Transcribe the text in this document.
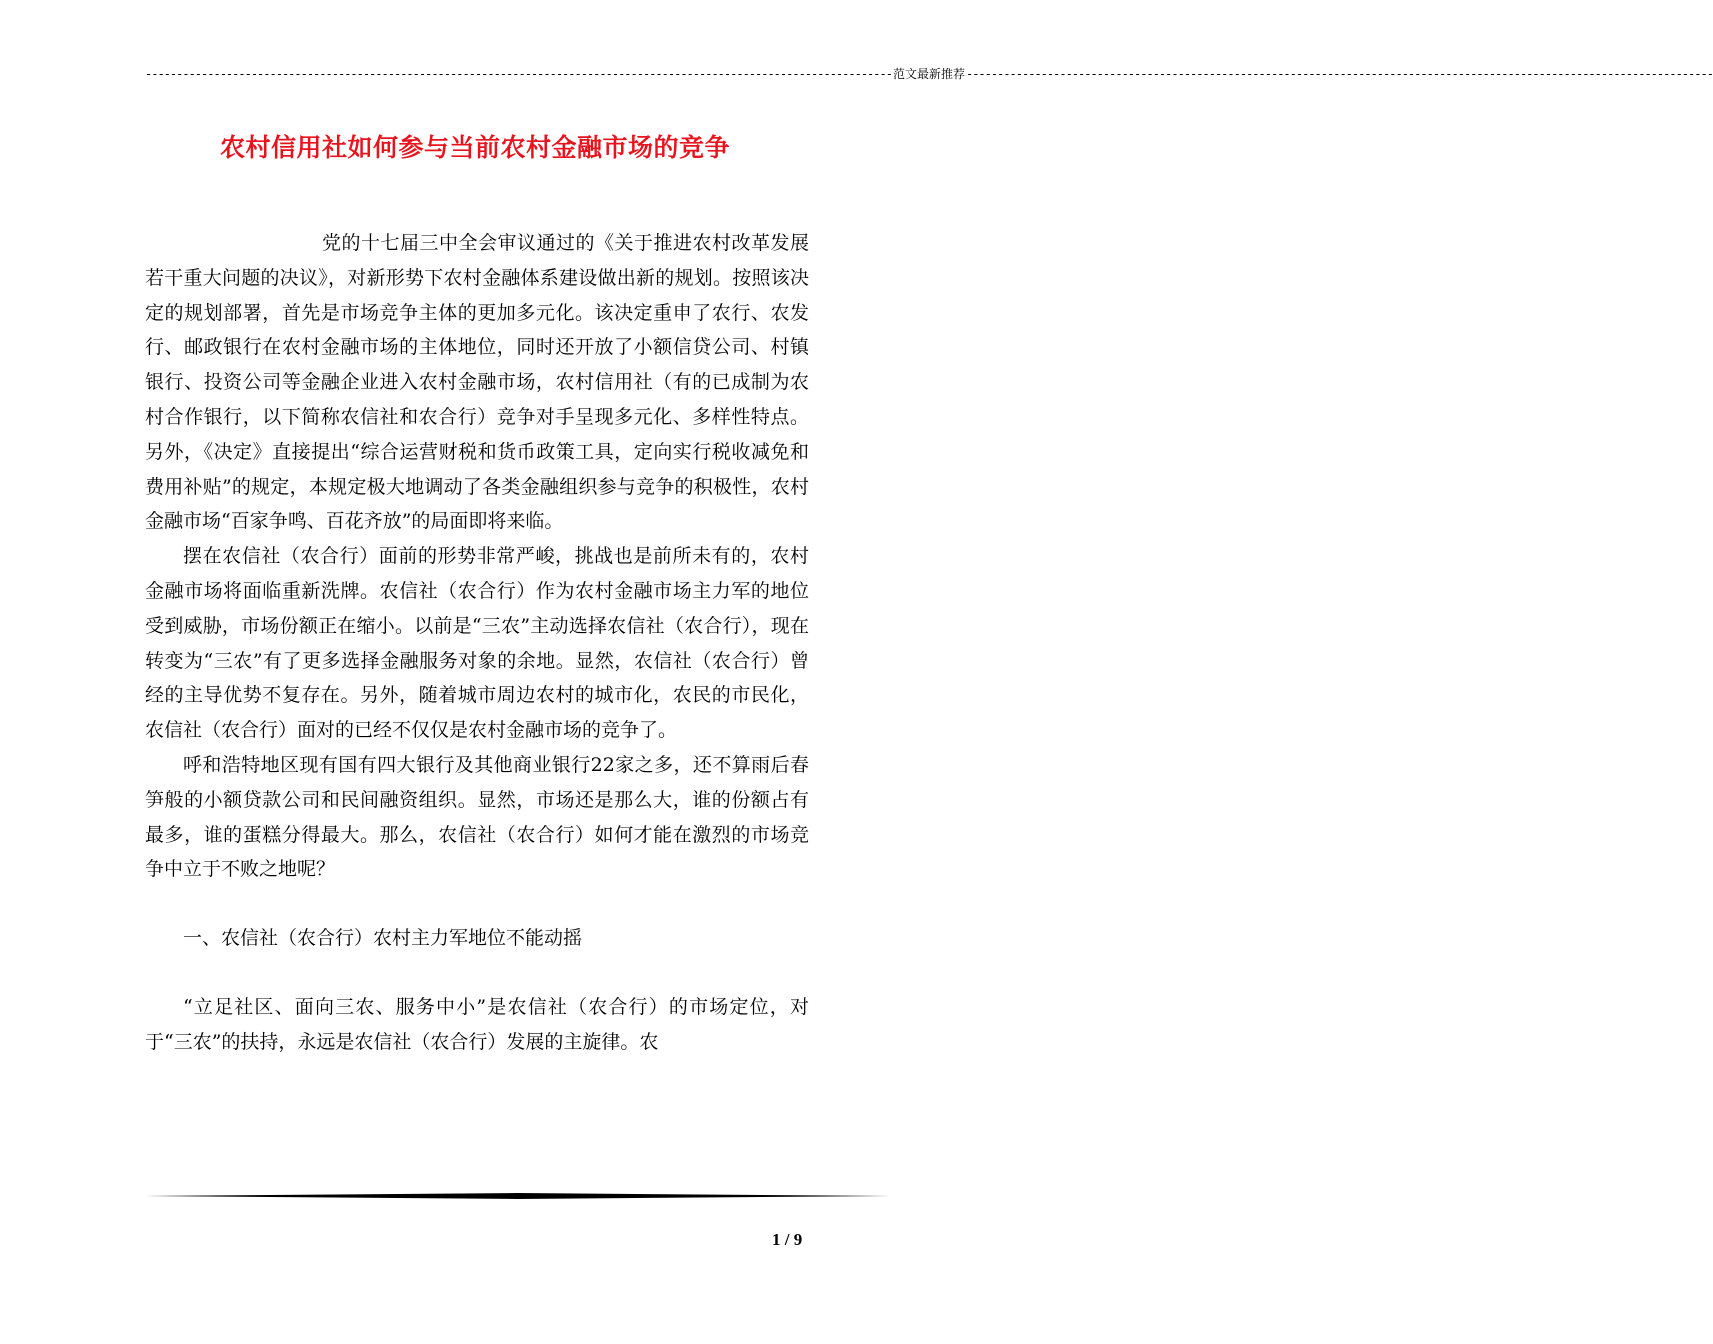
------------------------------------------------------------------------------------------------------------------------ 范文最新推荐 ------------------------------------------------------------------------------------------------------------------------
农村信用社如何参与当前农村金融市场的竞争

党的十七届三中全会审议通过的《关于推进农村改革发展若干重大问题的决议》，对新形势下农村金融体系建设做出新的规划。按照该决定的规划部署，首先是市场竞争主体的更加多元化。该决定重申了农行、农发行、邮政银行在农村金融市场的主体地位，同时还开放了小额信贷公司、村镇银行、投资公司等金融企业进入农村金融市场，农村信用社（有的已成制为农村合作银行，以下简称农信社和农合行）竞争对手呈现多元化、多样性特点。另外，《决定》直接提出“综合运营财税和货币政策工具，定向实行税收减免和费用补贴”的规定，本规定极大地调动了各类金融组织参与竞争的积极性，农村金融市场“百家争鸣、百花齐放”的局面即将来临。

摆在农信社（农合行）面前的形势非常严峻，挑战也是前所未有的，农村金融市场将面临重新洗牌。农信社（农合行）作为农村金融市场主力军的地位受到威胁，市场份额正在缩小。以前是“三农”主动选择农信社（农合行），现在转变为“三农”有了更多选择金融服务对象的余地。显然，农信社（农合行）曾经的主导优势不复存在。另外，随着城市周边农村的城市化，农民的市民化，农信社（农合行）面对的已经不仅仅是农村金融市场的竞争了。

呼和浩特地区现有国有四大银行及其他商业银行22家之多，还不算雨后春笋般的小额贷款公司和民间融资组织。显然，市场还是那么大，谁的份额占有最多，谁的蛋糕分得最大。那么，农信社（农合行）如何才能在激烈的市场竞争中立于不败之地呢？

一、农信社（农合行）农村主力军地位不能动摇

“立足社区、面向三农、服务中小”是农信社（农合行）的市场定位，对于“三农”的扶持，永远是农信社（农合行）发展的主旋律。农

1 / 9
